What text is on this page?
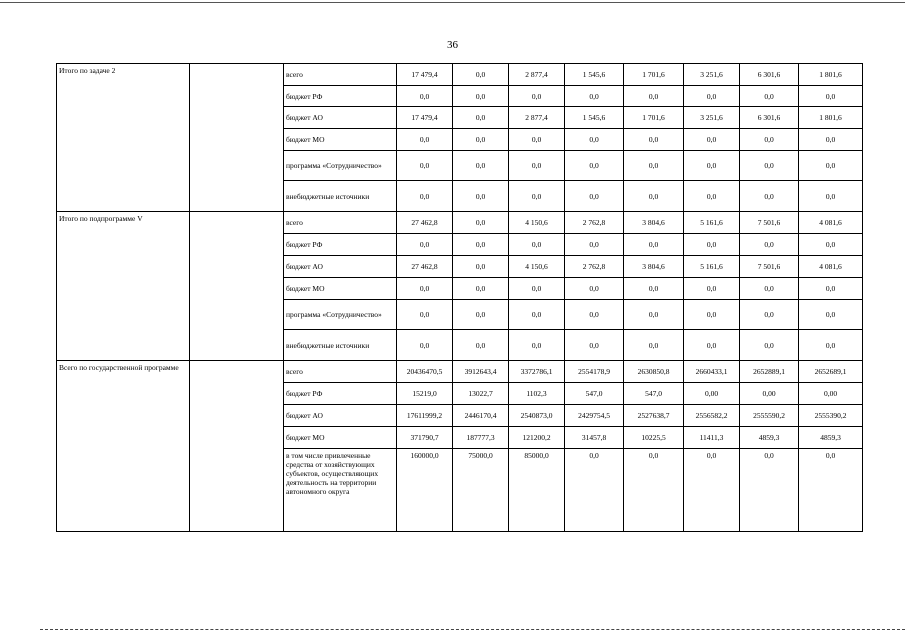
36
Итого по задаче 2		всего	17 479,4	0,0	2 877,4	1 545,6	1 701,6	3 251,6	6 301,6	1 801,6
		бюджет РФ	0,0	0,0	0,0	0,0	0,0	0,0	0,0	0,0
		бюджет АО	17 479,4	0,0	2 877,4	1 545,6	1 701,6	3 251,6	6 301,6	1 801,6
		бюджет МО	0,0	0,0	0,0	0,0	0,0	0,0	0,0	0,0
		программа «Сотрудничество»	0,0	0,0	0,0	0,0	0,0	0,0	0,0	0,0
		внебюджетные источники	0,0	0,0	0,0	0,0	0,0	0,0	0,0	0,0
Итого по подпрограмме V		всего	27 462,8	0,0	4 150,6	2 762,8	3 804,6	5 161,6	7 501,6	4 081,6
		бюджет РФ	0,0	0,0	0,0	0,0	0,0	0,0	0,0	0,0
		бюджет АО	27 462,8	0,0	4 150,6	2 762,8	3 804,6	5 161,6	7 501,6	4 081,6
		бюджет МО	0,0	0,0	0,0	0,0	0,0	0,0	0,0	0,0
		программа «Сотрудничество»	0,0	0,0	0,0	0,0	0,0	0,0	0,0	0,0
		внебюджетные источники	0,0	0,0	0,0	0,0	0,0	0,0	0,0	0,0
Всего по государственной программе		всего	20436470,5	3912643,4	3372786,1	2554178,9	2630850,8	2660433,1	2652889,1	2652689,1
		бюджет РФ	15219,0	13022,7	1102,3	547,0	547,0	0,00	0,00	0,00
		бюджет АО	17611999,2	2446170,4	2540873,0	2429754,5	2527638,7	2556582,2	2555590,2	2555390,2
		бюджет МО	371790,7	187777,3	121200,2	31457,8	10225,5	11411,3	4859,3	4859,3
		в том числе привлеченные средства от хозяйствующих субъектов, осуществляющих деятельность на территории автономного округа	160000,0	75000,0	85000,0	0,0	0,0	0,0	0,0	0,0
